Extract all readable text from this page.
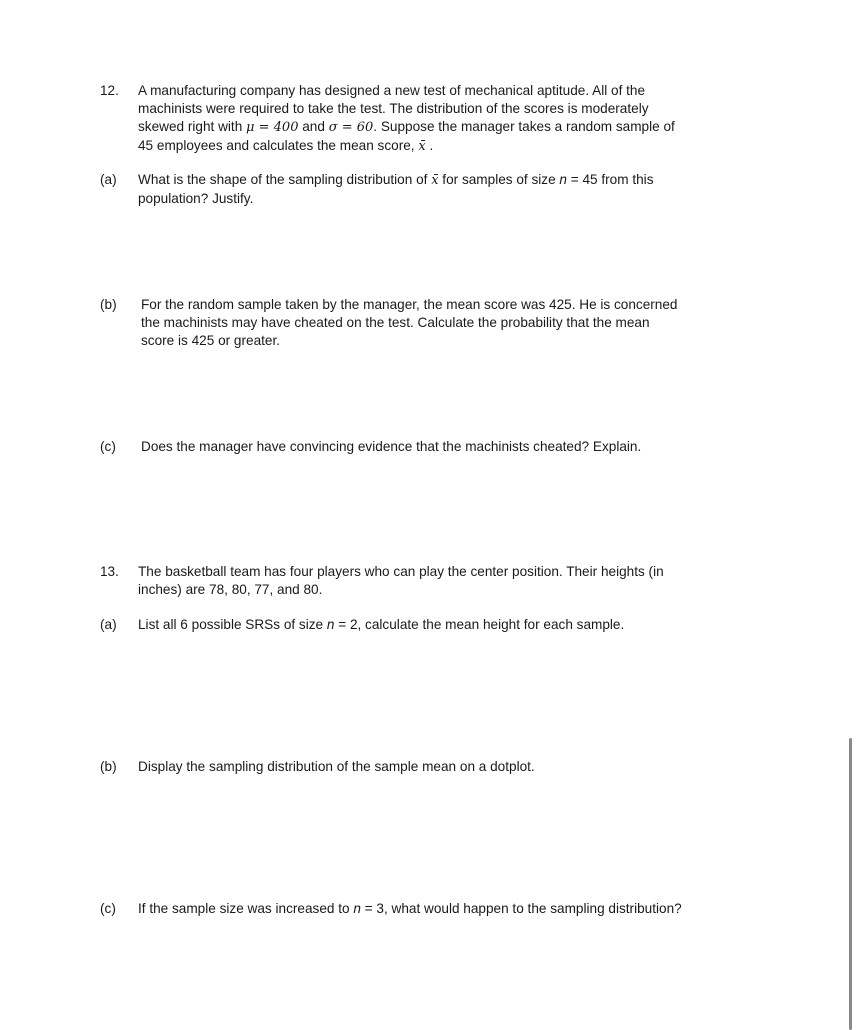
12. A manufacturing company has designed a new test of mechanical aptitude. All of the
machinists were required to take the test. The distribution of the scores is moderately
skewed right with μ = 400 and σ = 60. Suppose the manager takes a random sample of
45 employees and calculates the mean score, x̄ .
(a) What is the shape of the sampling distribution of x̄ for samples of size n = 45 from this
population? Justify.
(b) For the random sample taken by the manager, the mean score was 425. He is concerned
the machinists may have cheated on the test. Calculate the probability that the mean
score is 425 or greater.
(c) Does the manager have convincing evidence that the machinists cheated? Explain.
13. The basketball team has four players who can play the center position. Their heights (in
inches) are 78, 80, 77, and 80.
(a) List all 6 possible SRSs of size n = 2, calculate the mean height for each sample.
(b) Display the sampling distribution of the sample mean on a dotplot.
(c) If the sample size was increased to n = 3, what would happen to the sampling distribution?
